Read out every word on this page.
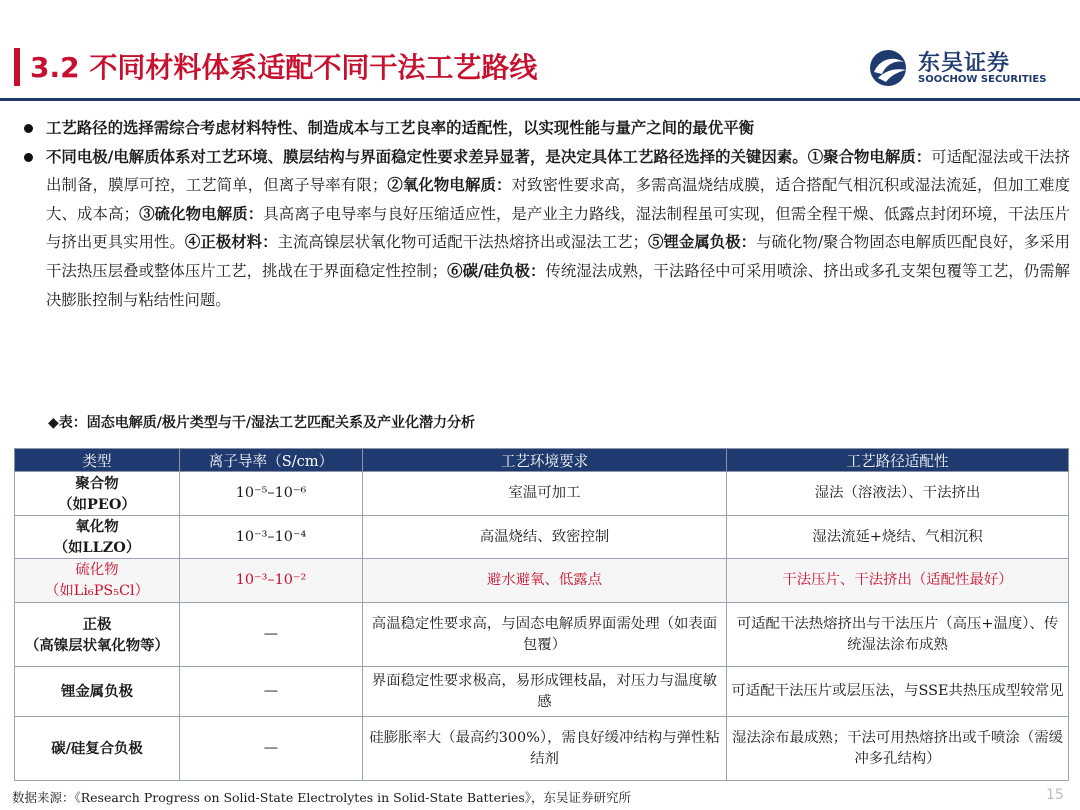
3.2 不同材料体系适配不同干法工艺路线	东吴证券
SOOCHOW SECURITIES
工艺路径的选择需综合考虑材料特性、制造成本与工艺良率的适配性，以实现性能与量产之间的最优平衡
不同电极/电解质体系对工艺环境、膜层结构与界面稳定性要求差异显著，是决定具体工艺路径选择的关键因素。①聚合物电解质：可适配湿法或干法挤出制备，膜厚可控，工艺简单，但离子导率有限；②氧化物电解质：对致密性要求高，多需高温烧结成膜，适合搭配气相沉积或湿法流延，但加工难度大、成本高；③硫化物电解质：具高离子电导率与良好压缩适应性，是产业主力路线，湿法制程虽可实现，但需全程干燥、低露点封闭环境，干法压片与挤出更具实用性。④正极材料：主流高镍层状氧化物可适配干法热熔挤出或湿法工艺；⑤锂金属负极：与硫化物/聚合物固态电解质匹配良好，多采用干法热压层叠或整体压片工艺，挑战在于界面稳定性控制；⑥碳/硅负极：传统湿法成熟，干法路径中可采用喷涂、挤出或多孔支架包覆等工艺，仍需解决膨胀控制与粘结性问题。
◆表：固态电解质/极片类型与干/湿法工艺匹配关系及产业化潜力分析
类型	离子导率（S/cm）	工艺环境要求	工艺路径适配性

聚合物
（如PEO）	10⁻⁵–10⁻⁶	室温可加工	湿法（溶液法）、干法挤出

氧化物
（如LLZO）	10⁻³–10⁻⁴	高温烧结、致密控制	湿法流延+烧结、气相沉积

硫化物
（如Li₆PS₅Cl）	10⁻³–10⁻²	避水避氧、低露点	干法压片、干法挤出（适配性最好）

正极
（高镍层状氧化物等）	—	高温稳定性要求高，与固态电解质界面需处理（如表面包覆）	可适配干法热熔挤出与干法压片（高压+温度）、传统湿法涂布成熟

锂金属负极	—	界面稳定性要求极高，易形成锂枝晶，对压力与温度敏感	可适配干法压片或层压法，与SSE共热压成型较常见

碳/硅复合负极	—	硅膨胀率大（最高约300%），需良好缓冲结构与弹性粘结剂	湿法涂布最成熟；干法可用热熔挤出或千喷涂（需缓冲多孔结构）
数据来源：《Research Progress on Solid-State Electrolytes in Solid-State Batteries》，东吴证券研究所	15
